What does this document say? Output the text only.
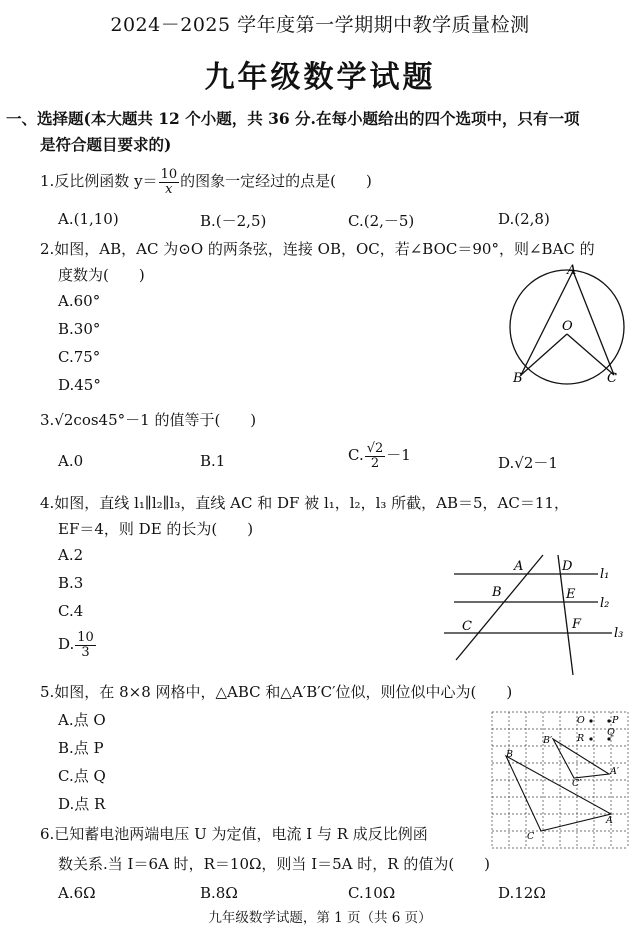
2024－2025 学年度第一学期期中教学质量检测
九年级数学试题
一、选择题(本大题共 12 个小题，共 36 分.在每小题给出的四个选项中，只有一项
是符合题目要求的)
1.反比例函数 $y= \frac{10}{x}$ 的图象一定经过的点是(　　)
A.(1,10)	B.(－2,5)	C.(2,－5)	D.(2,8)
2.如图，AB，AC 为⊙O 的两条弦，连接 OB，OC，若∠BOC＝90°，则∠BAC 的
度数为(　　)
A.60°
B.30°
C.75°
D.45°
A
O
B	C
3.√2cos45°－1 的值等于(　　)
A.0	B.1	C. $\frac{√2}{2} -1$	D.√2－1
4.如图，直线 l₁∥l₂∥l₃，直线 AC 和 DF 被 l₁，l₂，l₃ 所截，AB＝5，AC＝11，
EF＝4，则 DE 的长为(　　)
A.2
B.3
C.4
D. $\frac{10}{3}$
A	D
B	E
C	F
l₁
l₂
l₃
5.如图，在 8×8 网格中，△ABC 和△A′B′C′位似，则位似中心为(　　)
A.点 O
B.点 P
C.点 Q
D.点 R
O	P
Q
R
B′
A′
C′
B
A
C
6.已知蓄电池两端电压 U 为定值，电流 I 与 R 成反比例函
数关系.当 I＝6A 时，R＝10Ω，则当 I＝5A 时，R 的值为(　　)
A.6Ω	B.8Ω	C.10Ω	D.12Ω
九年级数学试题，第 1 页（共 6 页）
